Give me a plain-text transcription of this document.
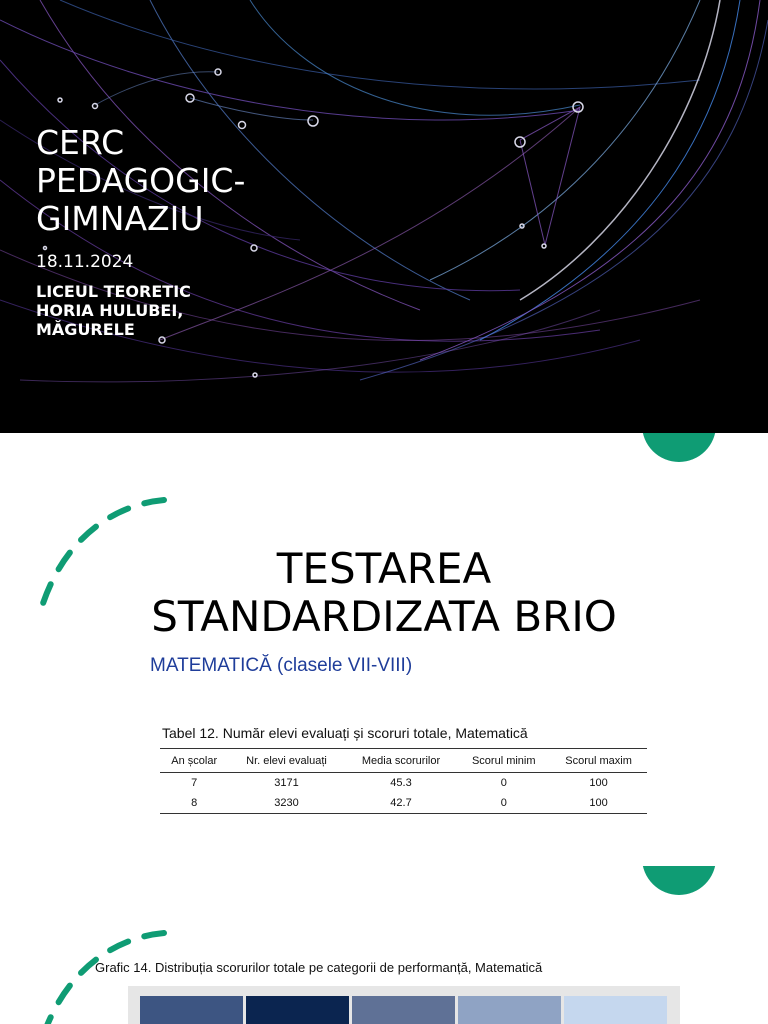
CERC
PEDAGOGIC-
GIMNAZIU
18.11.2024
LICEUL TEORETIC
HORIA HULUBEI,
MĂGURELE
TESTAREA
STANDARDIZATA BRIO
MATEMATICĂ (clasele VII-VIII)
Tabel 12. Număr elevi evaluați și scoruri totale, Matematică
An școlar	Nr. elevi evaluați	Media scorurilor	Scorul minim	Scorul maxim
7	3171	45.3	0	100
8	3230	42.7	0	100
Grafic 14. Distribuția scorurilor totale pe categorii de performanță, Matematică
